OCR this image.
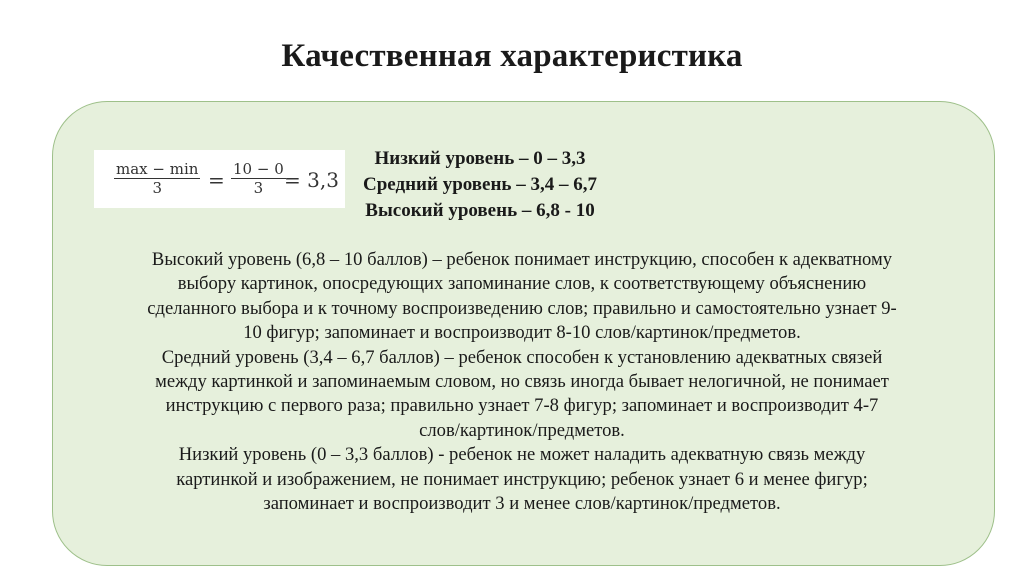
Качественная характеристика
max − min
3	= $\frac{10 - 0}{3}$
= 3,3
Низкий уровень – 0 – 3,3
Средний уровень – 3,4 – 6,7
Высокий уровень – 6,8 - 10

Высокий уровень (6,8 – 10 баллов) – ребенок понимает инструкцию, способен к адекватному
выбору картинок, опосредующих запоминание слов, к соответствующему объяснению
сделанного выбора и к точному воспроизведению слов; правильно и самостоятельно узнает 9-
10 фигур; запоминает и воспроизводит 8-10 слов/картинок/предметов.

Средний уровень (3,4 – 6,7 баллов) – ребенок способен к установлению адекватных связей
между картинкой и запоминаемым словом, но связь иногда бывает нелогичной, не понимает
инструкцию с первого раза; правильно узнает 7-8 фигур; запоминает и воспроизводит 4-7
слов/картинок/предметов.

Низкий уровень (0 – 3,3 баллов) - ребенок не может наладить адекватную связь между
картинкой и изображением, не понимает инструкцию; ребенок узнает 6 и менее фигур;
запоминает и воспроизводит 3 и менее слов/картинок/предметов.
